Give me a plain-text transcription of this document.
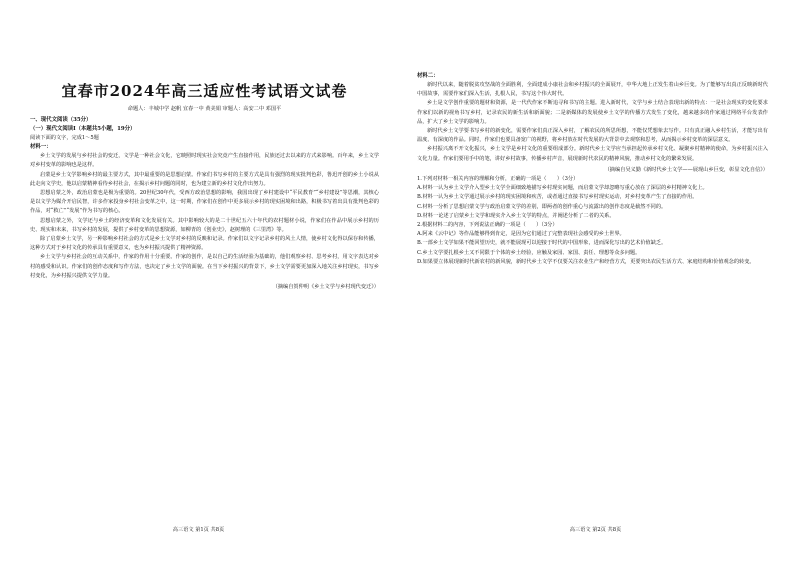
宜春市2024年高三适应性考试语文试卷
命题人：丰城中学 赵帆 宜春一中 黄美娟 审题人：高安二中 邓国平
一、现代文阅读（35分）
（一）现代文阅读Ⅰ（本题共5小题，19分）
阅读下面的文字，完成1～5题
材料一：

乡土文学的发展与乡村社会的变迁，文学是一种社会文化，它映照时现实社会究竟产生直接作用，民族还过去以来的方式来影响。百年来，乡土文学对乡村变革的影响也是这样。

启蒙是乡土文学影响乡村的最主要方式，其中最重要的是思想启蒙。作家们书写乡村的主要方式是具有强烈的现实批判色彩，鲁迅开创的乡土小说从此走向文学史，他以启蒙精神看待乡村社会，在揭示乡村问题的同时，也为建立新的乡村文化作出努力。

思想启蒙之外，政治启蒙也是极为重要的。20世纪30年代，受西方政治思想的影响，我国出现了乡村建设中“平民教育”“乡村建设”等思潮，其核心是以文学为媒介开启民智，许多作家投身乡村社会变革之中，这一时期，作家们在创作中更多展示乡村的现实困境和出路，积极书写着出具有批判色彩的作品，对“救亡”“发展”作为书写的核心。

思想启蒙之外，文学还与乡土的经济变革和文化发展有关。其中影响较大的是二十世纪五六十年代的农村题材小说，作家们在作品中展示乡村的历史、现实和未来，书写乡村的发展，提供了乡村变革的思想资源，如柳青的《创业史》，赵树理的《三里湾》等。

除了启蒙乡土文学，另一种影响乡村社会的方式是乡土文学对乡村的反映和记录。作家们以文字记录乡村的风土人情，使乡村文化得以保存和传播，这种方式对于乡村文化的传承具有重要意义，也为乡村振兴提供了精神资源。

乡土文学与乡村社会的互动关系中，作家的作用十分重要。作家的创作，是以自己的生活经验为基础的，他们观察乡村、思考乡村，用文字表达对乡村的感受和认识。作家们的创作态度和写作方法，也决定了乡土文学的面貌。在当下乡村振兴的背景下，乡土文学需要更加深入地关注乡村现实，书写乡村变化，为乡村振兴提供文学力量。

（摘编自贺仲明《乡土文学与乡村现代变迁》）
高三语文 第1页 共8页
材料二：

新时代以来，随着脱贫攻坚战的全面胜利，全面建成小康社会和乡村振兴的全面展开，中华大地上正发生着山乡巨变。为了能够写出真正反映新时代中国故事，需要作家们深入生活，扎根人民，书写这个伟大时代。

乡土是文学创作重要的题材和资源，是一代代作家不断追寻和书写的主题。进入新时代，文学与乡土结合表现出新的特点：一是社会现实的变化要求作家们以新的视角书写乡村，记录农民的新生活和新面貌；二是新媒体的发展使乡土文学的传播方式发生了变化，越来越多的作家通过网络平台发表作品，扩大了乡土文学的影响力。

新时代乡土文学要书写乡村的新变化，需要作家们真正深入乡村，了解农民的所思所想，不能仅凭想象去写作。只有真正融入乡村生活，才能写出有温度、有深度的作品。同时，作家们也要具备宽广的视野，将乡村放在时代发展的大背景中去观察和思考，从而揭示乡村变革的深层意义。

乡村振兴离不开文化振兴，乡土文学是乡村文化的重要组成部分。新时代乡土文学应当承担起传承乡村文化、凝聚乡村精神的使命，为乡村振兴注入文化力量。作家们要用手中的笔，讲好乡村故事，传播乡村声音，展现新时代农民的精神风貌，推动乡村文化的繁荣发展。

（摘编自吴义勤《新时代乡土文学——展现山乡巨变，彰显文化自信》）

1.下列对材料一相关内容的理解和分析，正确的一项是（　　）（3分）

A.材料一认为乡土文学介入型乡土文学全面细致地描写乡村现实问题，而启蒙文学却忽略写重心放在了深层的乡村精神文化上。

B.材料一认为乡土文学通过展示乡村的现实困境和疾苦，或者通过直接书写乡村现实运动，对乡村变革产生了直接的作用。

C.材料一分析了思想启蒙文学与政治启蒙文学的差别，即两者的创作重心与流露出的创作态度是截然不同的。

D.材料一论述了启蒙乡土文学和现实介入乡土文学的特点，并阐述分析了二者的关系。

2.根据材料二的内容，下列说法正确的一项是（　　）（3分）

A.阿来《云中记》等作品能够得到肯定，是因为它们通过了完整表现社会感受的乡土世界。

B.一部乡土文学如果不能回望历史，就不能展现可以迎接于时代的中国形象，进而深化写出的艺术价值缺乏。

C.乡土文学要扎根乡土又不同限于个体的乡土经验，应触及家园、家国、责任、理想等众多问题。

D.如果要立体展现新时代新农村的新风貌，新时代乡土文学不仅要关注农业生产和经营方式，更要突出农民生活方式、家庭结构和价值观念的转变。

高三语文 第2页 共8页
